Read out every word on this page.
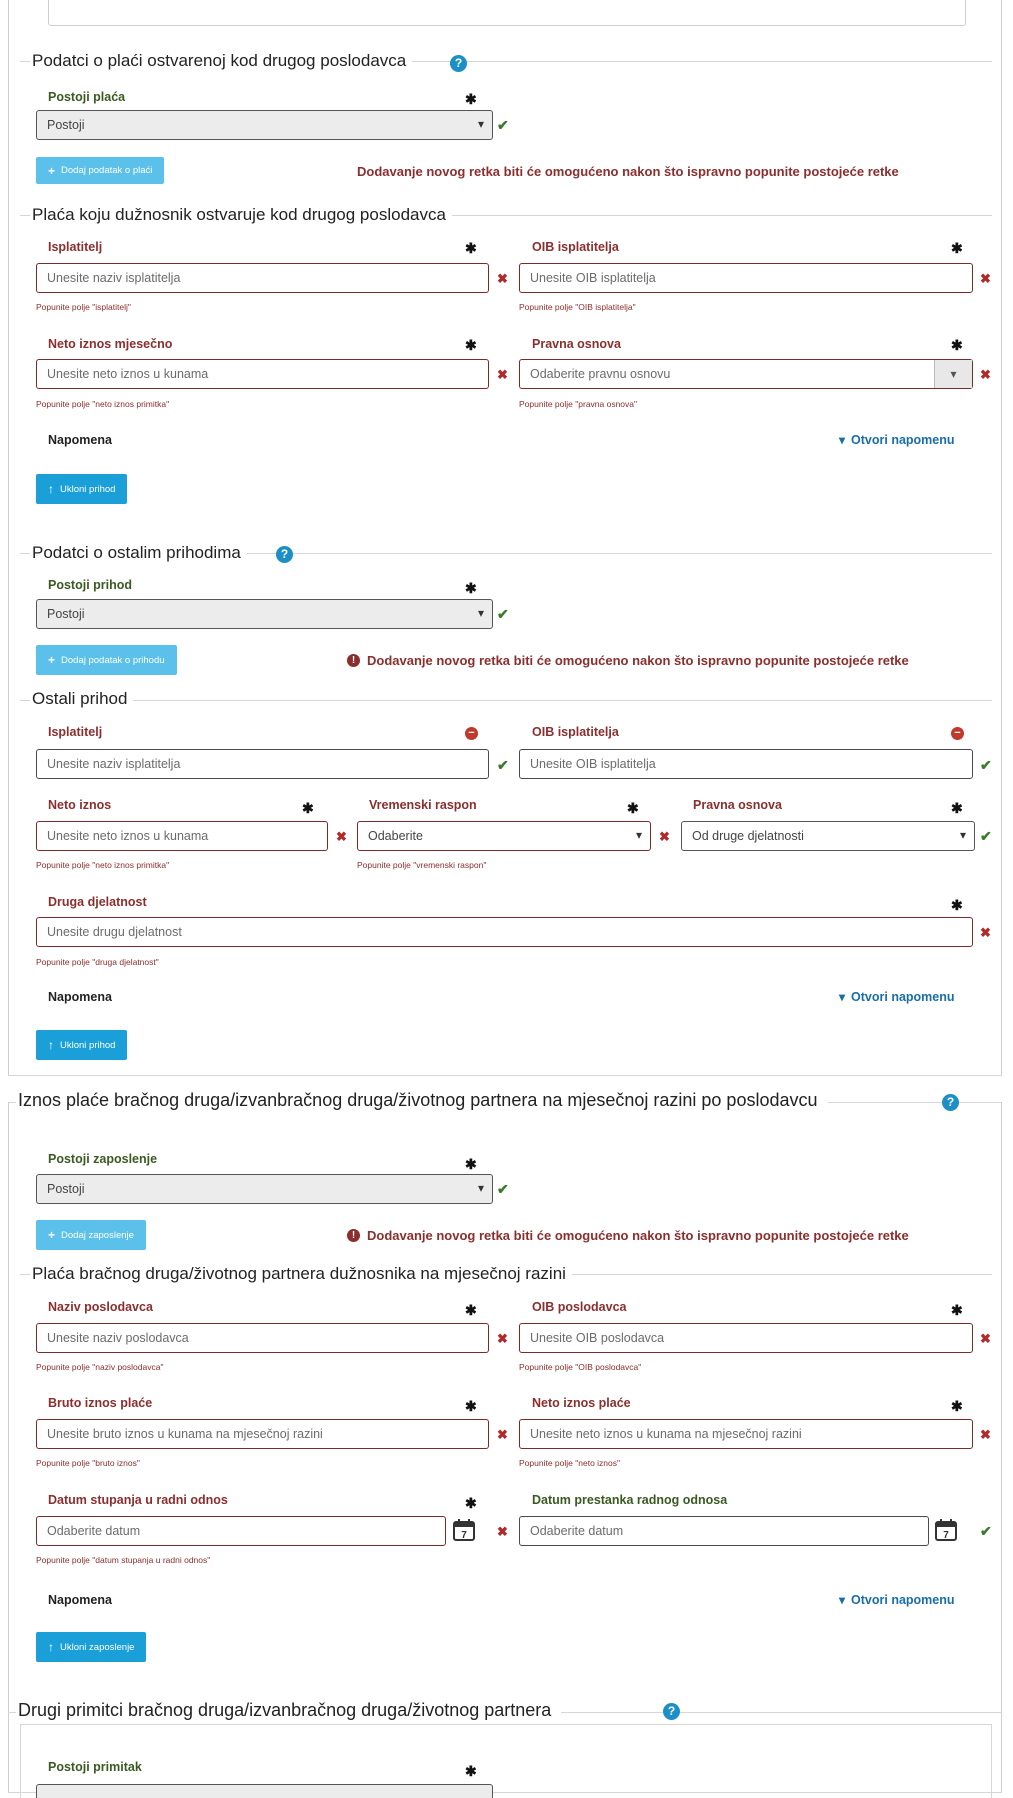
Podatci o plaći ostvarenoj kod drugog poslodavca	?
Postoji plaća	✱
Postoji	▾ ✔
+ Dodaj podatak o plaći	Dodavanje novog retka biti će omogućeno nakon što ispravno popunite postojeće retke
Plaća koju dužnosnik ostvaruje kod drugog poslodavca
Isplatitelj	✱
Unesite naziv isplatitelja
✖
Popunite polje "isplatitelj"
OIB isplatitelja	✱
Unesite OIB isplatitelja
✖
Popunite polje "OIB isplatitelja"
Neto iznos mjesečno	✱
Unesite neto iznos u kunama
✖
Popunite polje "neto iznos primitka"
Pravna osnova	✱
Odaberite pravnu osnovu	▾	✖
Popunite polje "pravna osnova"
Napomena	▾ Otvori napomenu
↑ Ukloni prihod
Podatci o ostalim prihodima	?
Postoji prihod	✱
Postoji	▾ ✔
+ Dodaj podatak o prihodu	! Dodavanje novog retka biti će omogućeno nakon što ispravno popunite postojeće retke
Ostali prihod
Isplatitelj	−
Unesite naziv isplatitelja
✔
OIB isplatitelja	−
Unesite OIB isplatitelja
✔
Neto iznos	✱
Unesite neto iznos u kunama
✖
Popunite polje "neto iznos primitka"
Vremenski raspon	✱
Odaberite	▾ ✖
Popunite polje "vremenski raspon"
Pravna osnova	✱
Od druge djelatnosti	▾ ✔
Druga djelatnost	✱
Unesite drugu djelatnost
✖
Popunite polje "druga djelatnost"
Napomena	▾ Otvori napomenu
↑ Ukloni prihod
Iznos plaće bračnog druga/izvanbračnog druga/životnog partnera na mjesečnoj razini po poslodavcu	?
Postoji zaposlenje	✱
Postoji	▾ ✔
+ Dodaj zaposlenje	! Dodavanje novog retka biti će omogućeno nakon što ispravno popunite postojeće retke
Plaća bračnog druga/životnog partnera dužnosnika na mjesečnoj razini
Naziv poslodavca	✱
Unesite naziv poslodavca
✖
Popunite polje "naziv poslodavca"
OIB poslodavca	✱
Unesite OIB poslodavca
✖
Popunite polje "OIB poslodavca"
Bruto iznos plaće	✱
Unesite bruto iznos u kunama na mjesečnoj razini
✖
Popunite polje "bruto iznos"
Neto iznos plaće	✱
Unesite neto iznos u kunama na mjesečnoj razini
✖
Popunite polje "neto iznos"
Datum stupanja u radni odnos	✱
Odaberite datum
7 ✖
Popunite polje "datum stupanja u radni odnos"
Datum prestanka radnog odnosa
Odaberite datum
7 ✔
Napomena	▾ Otvori napomenu
↑ Ukloni zaposlenje
Drugi primitci bračnog druga/izvanbračnog druga/životnog partnera	?
Postoji primitak	✱
